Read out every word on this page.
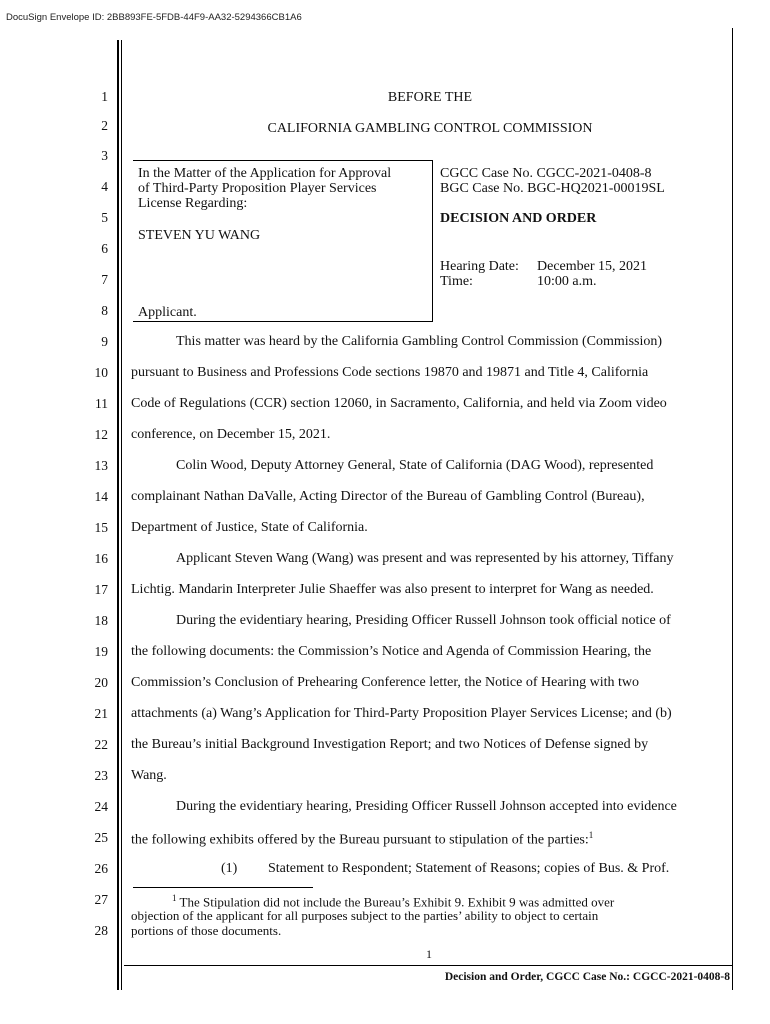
DocuSign Envelope ID: 2BB893FE-5FDB-44F9-AA32-5294366CB1A6
1
2
3
4
5
6
7
8
9
10
11
12
13
14
15
16
17
18
19
20
21
22
23
24
25
26
27
28
BEFORE THE
CALIFORNIA GAMBLING CONTROL COMMISSION
In the Matter of the Application for Approval
of Third-Party Proposition Player Services
License Regarding:
STEVEN YU WANG
Applicant.
CGCC Case No. CGCC-2021-0408-8
BGC Case No. BGC-HQ2021-00019SL
DECISION AND ORDER
Hearing Date: December 15, 2021
Time:	10:00 a.m.
This matter was heard by the California Gambling Control Commission (Commission)
pursuant to Business and Professions Code sections 19870 and 19871 and Title 4, California
Code of Regulations (CCR) section 12060, in Sacramento, California, and held via Zoom video
conference, on December 15, 2021.
Colin Wood, Deputy Attorney General, State of California (DAG Wood), represented
complainant Nathan DaValle, Acting Director of the Bureau of Gambling Control (Bureau),
Department of Justice, State of California.
Applicant Steven Wang (Wang) was present and was represented by his attorney, Tiffany
Lichtig. Mandarin Interpreter Julie Shaeffer was also present to interpret for Wang as needed.
During the evidentiary hearing, Presiding Officer Russell Johnson took official notice of
the following documents: the Commission’s Notice and Agenda of Commission Hearing, the
Commission’s Conclusion of Prehearing Conference letter, the Notice of Hearing with two
attachments (a) Wang’s Application for Third-Party Proposition Player Services License; and (b)
the Bureau’s initial Background Investigation Report; and two Notices of Defense signed by
Wang.
During the evidentiary hearing, Presiding Officer Russell Johnson accepted into evidence
the following exhibits offered by the Bureau pursuant to stipulation of the parties:$^1$
(1) Statement to Respondent; Statement of Reasons; copies of Bus. & Prof.
$^1$ The Stipulation did not include the Bureau’s Exhibit 9. Exhibit 9 was admitted over
objection of the applicant for all purposes subject to the parties’ ability to object to certain
portions of those documents.
1
Decision and Order, CGCC Case No.: CGCC-2021-0408-8
